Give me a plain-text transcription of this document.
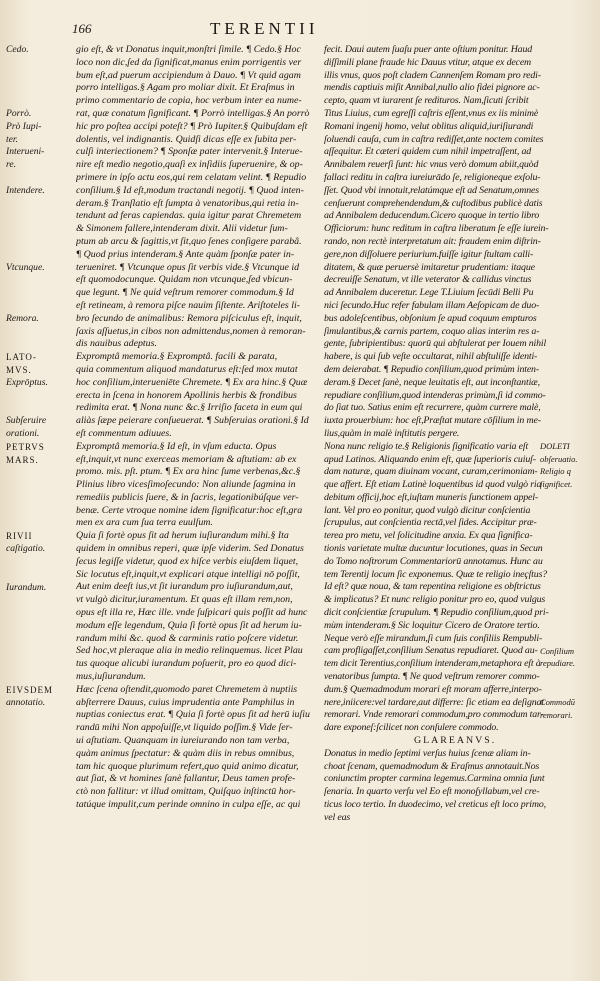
166	TERENTII
Cedo.
Porrò.
Prò Iupi-
ter.
Interueni-
re.
Intendere.
Vtcunque.
Remora.
LATO-
MVS.
Exprōptus.
Subſeruire
orationi.
PETRVS
MARS.
RIVII
caſtigatio.
Iurandum.
EIVSDEM
annotatio.
gio eſt, & vt Donatus inquit,monſtri ſimile. ¶ Cedo.§ Hoc
loco non dic,ſed da ſignificat,manus enim porrigentis ver
bum eſt,ad puerum accipiendum à Dauo. ¶ Vt quid agam
porro intelligas.§ Agam pro moliar dixit. Et Eraſmus in
primo commentario de copia, hoc verbum inter ea nume-
rat, quæ conatum ſignificant. ¶ Porrò intelligas.§ An porrò
hic pro poſtea accipi poteſt? ¶ Prò Iupiter.§ Quibuſdam eſt
dolentis, vel indignantis. Quidſi dicas eſſe ex ſubita per-
culſi interiectionem? ¶ Sponſæ pater intervenit.§ Interue-
nire eſt medio negotio,quaſi ex inſidiis ſuperuenire, & op-
primere in ipſo actu eos,qui rem celatam velint. ¶ Repudio
conſilium.§ Id eſt,modum tractandi negotij. ¶ Quod inten-
deram.§ Tranſlatio eſt ſumpta à venatoribus,qui retia in-
tendunt ad feras capiendas. quia igitur parat Chremetem
& Simonem fallere,intenderam dixit. Alii videtur ſum-
ptum ab arcu & ſagittis,vt ſit,quo ſenes conſigere parabâ.
¶ Quod prius intenderam.§ Ante quàm ſponſæ pater in-
terueniret. ¶ Vtcunque opus ſit verbis vide.§ Vtcunque id
eſt quomodocunque. Quidam non vtcunque,ſed vbicun-
que legunt. ¶ Ne quid veſtrum remorer commodum.§ Id
eſt retineam, à remora piſce nauim ſiſtente. Ariſtoteles li-
bro ſecundo de animalibus: Remora piſciculus eſt, inquit,
ſaxis aſſuetus,in cibos non admittendus,nomen à remoran-
dis nauibus adeptus.
Expromptâ memoria.§ Expromptâ. facili & parata,
quia commentum aliquod mandaturus eſt:ſed mox mutat
hoc conſilium,interueniēte Chremete. ¶ Ex ara hinc.§ Quæ
erecta in ſcena in honorem Apollinis herbis & frondibus
redimita erat. ¶ Nona nunc &c.§ Irriſio faceta in eum qui
aliàs ſæpe peierare conſueuerat. ¶ Subſeruias orationi.§ Id
eſt commentum adiuues.
Expromptâ memoria.§ Id eſt, in vſum educta. Opus
eſt,inquit,vt nunc exerceas memoriam & aſtutiam: ab ex
promo. mis. pſt. ptum. ¶ Ex ara hinc ſume verbenas,&c.§
Plinius libro vicesſimoſecundo: Non aliunde ſagmina in
remediis publicis ſuere, & in ſacris, legationibúſque ver-
benæ. Certe vtroque nomine idem ſignificatur:hoc eſt,gra
men ex ara cum ſua terra euulſum.
Quia ſi fortè opus ſit ad herum iuſiurandum mihi.§ Ita
quidem in omnibus reperi, quæ ipſe viderim. Sed Donatus
ſecus legiſſe videtur, quod ex hiſce verbis eiuſdem liquet,
Sic locutus eſt,inquit,vt explicari atque intelligi nō poſſit,
Aut enim deeſt ius,vt ſit iurandum pro iuſiurandum,aut,
vt vulgò dicitur,iuramentum. Et quas eſt illam rem,non,
opus eſt illa re, Hæc ille. vnde ſuſpicari quis poſſit ad hunc
modum eſſe legendum, Quia ſi fortè opus ſit ad herum iu-
randum mihi &c. quod & carminis ratio poſcere videtur.
Sed hoc,vt pleraque alia in medio relinquemus. licet Plau
tus quoque alicubi iurandum poſuerit, pro eo quod dici-
mus,iuſiurandum.
Hæc ſcena oſtendit,quomodo paret Chremetem à nuptiis
abſterrere Dauus, cuius imprudentia ante Pamphilus in
nuptias coniectus erat. ¶ Quia ſi fortè opus ſit ad herū iuſiu
randū mihi Non appoſuiſſe,vt liquido poſſim.§ Vide ſer-
ui aſtutiam. Quanquam in iureiurando non tam verba,
quàm animus ſpectatur: & quàm diis in rebus omnibus,
tam hic quoque plurimum refert,quo quid animo dicatur,
aut ſiat, & vt homines ſanè fallantur, Deus tamen profe-
ctò non fallitur: vt illud omittam, Quiſquo inſtinctū hor-
tatúque impulit,cum perinde omnino in culpa eſſe, ac qui
fecit. Daui autem ſuaſu puer ante oſtium ponitur. Haud
diſſimili plane fraude hic Dauus vtitur, atque ex decem
illis vnus, quos poſt cladem Cannenſem Romam pro redi-
mendis captiuis miſit Annibal,nullo alio fidei pignore ac-
cepto, quam vt iurarent ſe redituros. Nam,ſicuti ſcribit
Titus Liuius, cum egreſſi caſtris eſſent,vnus ex iis minimè
Romani ingenij homo, velut oblitus aliquid,iuriſiurandi
ſoluendi cauſa, cum in caſtra rediſſet,ante noctem comites
aſſequitur. Et cæteri quidem cum nihil impetraſſent, ad
Annibalem reuerſi ſunt: hic vnus verò domum abiit,quòd
fallaci reditu in caſtra iureiurādo ſe, religioneque exſolu-
ſſet. Quod vbi innotuit,relatúmque eſt ad Senatum,omnes
cenſuerunt comprehendendum,& cuſtodibus publicè datis
ad Annibalem deducendum.Cicero quoque in tertio libro
Officiorum: hunc reditum in caſtra liberatum ſe eſſe iurein-
rando, non rectè interpretatum ait: fraudem enim diſtrin-
gere,non diſſoluere periurium.fuiſſe igitur ſtultam calli-
ditatem, & quæ peruersè imitaretur prudentiam: itaque
decreuiſſe Senatum, vt ille veterator & callidus vinctus
ad Annibalem duceretur. Lege T.Liuium ſecūdi Belli Pu
nici ſecundo.Huc refer fabulam illam Aeſopicam de duo-
bus adoleſcentibus, obſonium ſe apud coquum empturos
ſimulantibus,& carnis partem, coquo alias interim res a-
gente, ſubripientibus: quorū qui abſtulerat per Iouem nihil
habere, is qui ſub veſte occultarat, nihil abſtuliſſe identi-
dem deierabat. ¶ Repudio conſilium,quod primùm inten-
deram.§ Decet ſanè, neque leuitatis eſt, aut inconſtantiæ,
repudiare conſilium,quod intenderas primùm,ſi id commo-
do ſiat tuo. Satius enim eſt recurrere, quàm currere malè,
iuxta prouerbium: hoc eſt,Præſtat mutare cōſilium in me-
lius,quàm in malè inſtitutis pergere.
Nona nunc religio te.§ Religionis ſignificatio varia eſt
apud Latinos. Aliquando enim eſt, quæ ſuperioris cuiuſ-
dam naturæ, quam diuinam vocant, curam,cerimoniam-
que affert. Eſt etiam Latinè loquentibus id quod vulgò ria
debitum officij,hoc eſt,iuſtam muneris ſunctionem appel-
lant. Vel pro eo ponitur, quod vulgò dicitur conſcientia
ſcrupulus, aut conſcientia rectā,vel ſides. Accipitur præ-
terea pro metu, vel ſolicitudine anxia. Ex qua ſignifica-
tionis varietate multæ ducuntur locutiones, quas in Secun
do Tomo noſtrorum Commentariorū annotamus. Hunc au
tem Terentij locum ſic exponemus. Quæ te religio ineçſtus?
Id eſt? quæ noua, & tam repentina religione es obſtrictus
& implicatus? Et nunc religio ponitur pro eo, quod vulgus
dicit conſcientiæ ſcrupulum. ¶ Repudio conſilium,quod pri-
mùm intenderam.§ Sic loquitur Cicero de Oratore tertio.
Neque verò eſſe mirandum,ſi cum ſuis conſiliis Rempubli-
cam profligaſſet,conſilium Senatus repudiaret. Quod au-
tem dicit Terentius,conſilium intenderam,metaphora eſt à
venatoribus ſumpta. ¶ Ne quod veſtrum remorer commo-
dum.§ Quemadmodum morari eſt moram afferre,interpo-
nere,iniicere:vel tardare,aut differre: ſic etiam ea deſignat
remorari. Vnde remorari commodum,pro commodum tar-
dare exponeſ:ſcilicet non conſulere commodo.
GLAREANVS.
Donatus in medio ſeptimi verſus huius ſcenæ aliam in-
choat ſcenam, quemadmodum & Eraſmus annotauit.Nos
coniunctim propter carmina legemus.Carmina omnia ſunt
ſenaria. In quarto verſu vel Eo eſt monoſyllabum,vel cre-
ticus loco tertio. In duodecimo, vel creticus eſt loco primo,
vel eas
DOLETI
obſeruatio.
Religio q
ſignificet.
Conſilium
repudiare.
Commodū
remorari.
